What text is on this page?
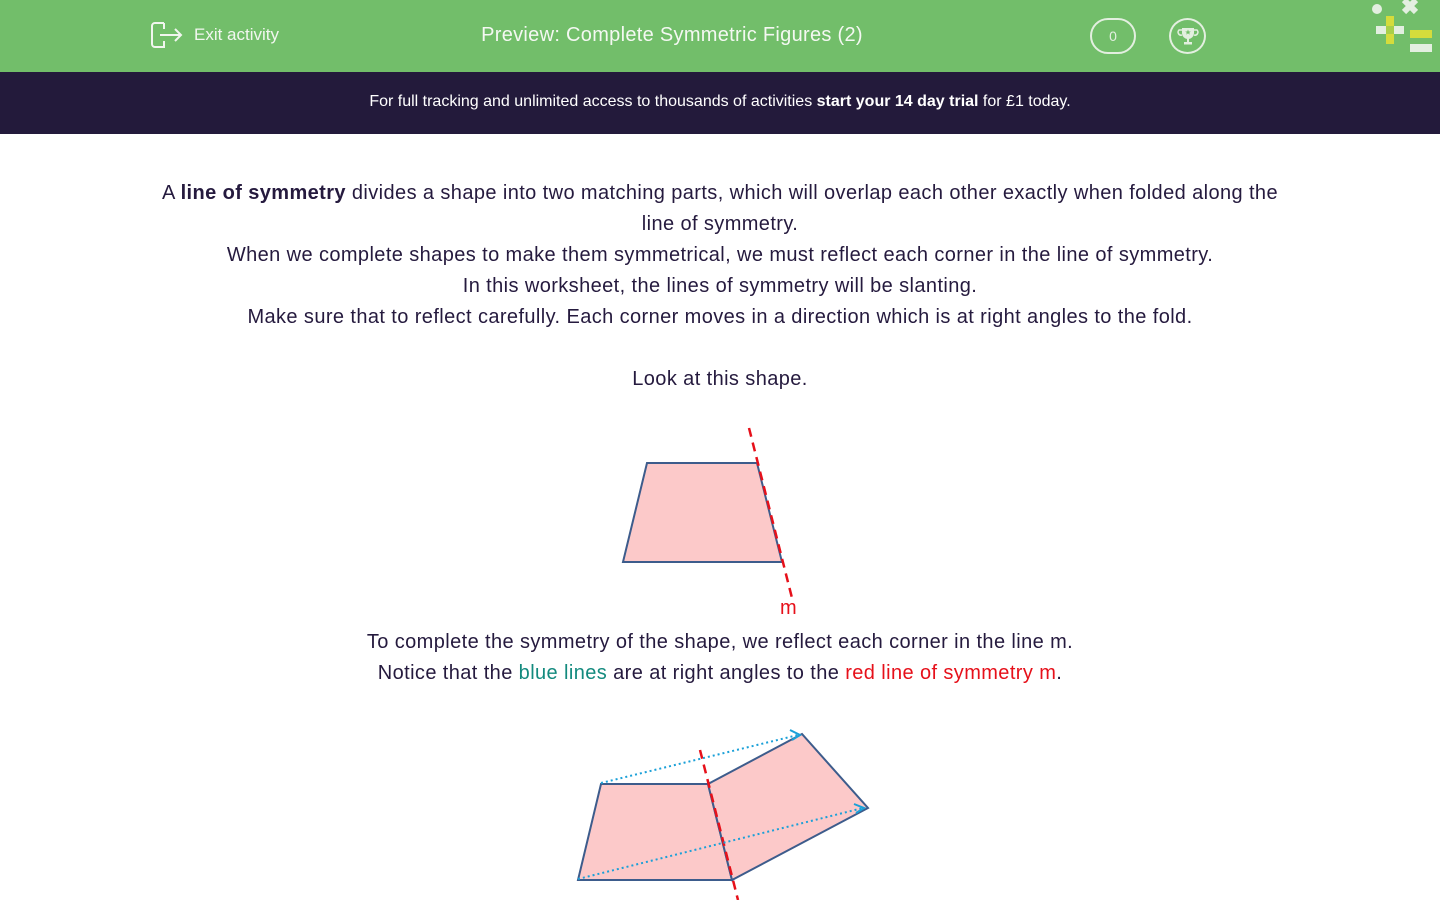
Exit activity	Preview: Complete Symmetric Figures (2)	0
For full tracking and unlimited access to thousands of activities start your 14 day trial for £1 today.

A line of symmetry divides a shape into two matching parts, which will overlap each other exactly when folded along the line of symmetry.

When we complete shapes to make them symmetrical, we must reflect each corner in the line of symmetry.

In this worksheet, the lines of symmetry will be slanting.

Make sure that to reflect carefully. Each corner moves in a direction which is at right angles to the fold.

Look at this shape.

m

To complete the symmetry of the shape, we reflect each corner in the line m.

Notice that the blue lines are at right angles to the red line of symmetry m.
